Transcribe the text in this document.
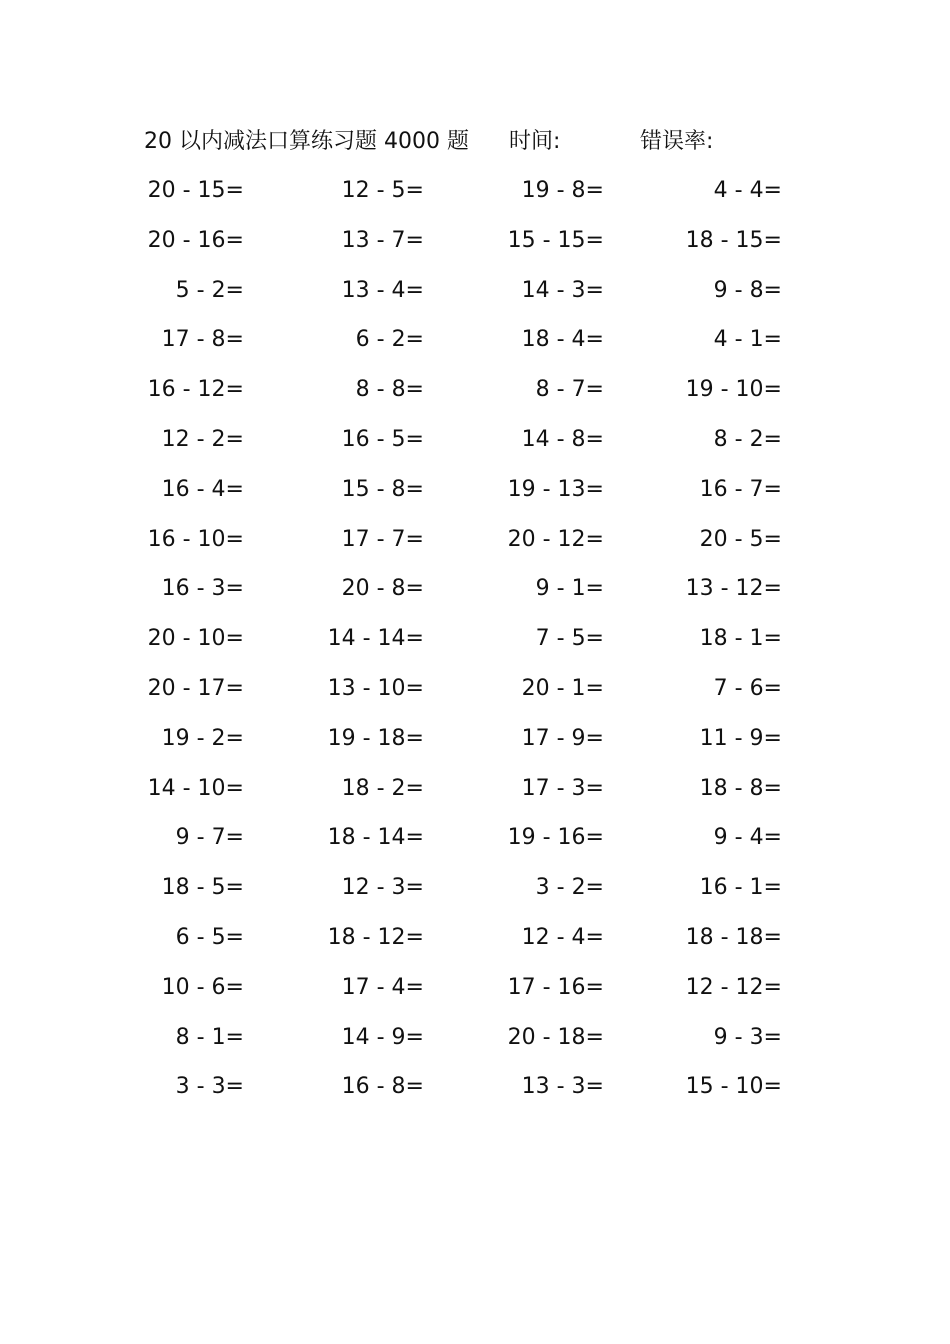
20 以内减法口算练习题 4000 题 时间:	错误率:
20 - 15=	12 - 5=	19 - 8=	4 - 4=
20 - 16=	13 - 7=	15 - 15=	18 - 15=
5 - 2=	13 - 4=	14 - 3=	9 - 8=
17 - 8=	6 - 2=	18 - 4=	4 - 1=
16 - 12=	8 - 8=	8 - 7=	19 - 10=
12 - 2=	16 - 5=	14 - 8=	8 - 2=
16 - 4=	15 - 8=	19 - 13=	16 - 7=
16 - 10=	17 - 7=	20 - 12=	20 - 5=
16 - 3=	20 - 8=	9 - 1=	13 - 12=
20 - 10=	14 - 14=	7 - 5=	18 - 1=
20 - 17=	13 - 10=	20 - 1=	7 - 6=
19 - 2=	19 - 18=	17 - 9=	11 - 9=
14 - 10=	18 - 2=	17 - 3=	18 - 8=
9 - 7=	18 - 14=	19 - 16=	9 - 4=
18 - 5=	12 - 3=	3 - 2=	16 - 1=
6 - 5=	18 - 12=	12 - 4=	18 - 18=
10 - 6=	17 - 4=	17 - 16=	12 - 12=
8 - 1=	14 - 9=	20 - 18=	9 - 3=
3 - 3=	16 - 8=	13 - 3=	15 - 10=
